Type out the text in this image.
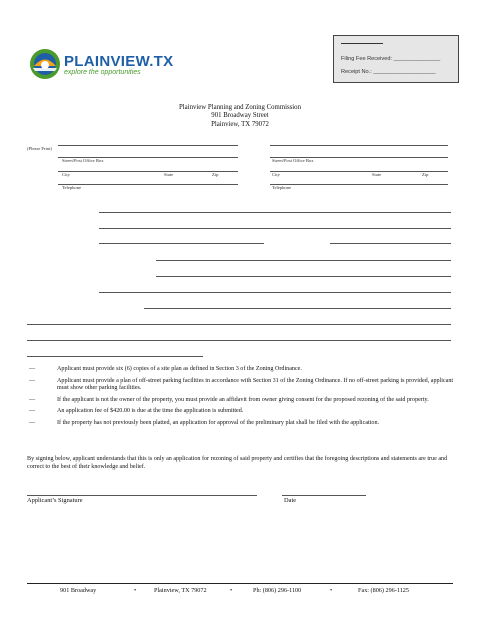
PLAINVIEW.TX
explore the opportunities
Filing Fee Received: _______________
Receipt No.: ____________________
Plainview Planning and Zoning Commission
901 Broadway Street
Plainview, TX 79072
(Please Print)
Street/Post Office Box	Street/Post Office Box
City	State	Zip	City	State	Zip
Telephone	Telephone
—	Applicant must provide six (6) copies of a site plan as defined in Section 3 of the Zoning Ordinance.
—	Applicant must provide a plan of off-street parking facilities in accordance with Section 31 of the Zoning Ordinance. If no off-street parking is provided, applicant must show other parking facilities.
—	If the applicant is not the owner of the property, you must provide an affidavit from owner giving consent for the proposed rezoning of the said property.
—	An application fee of $420.00 is due at the time the application is submitted.
—	If the property has not previously been platted, an application for approval of the preliminary plat shall be filed with the application.
By signing below, applicant understands that this is only an application for rezoning of said property and certifies that the foregoing descriptions and statements are true and correct to the best of their knowledge and belief.
Applicant’s Signature	Date
901 Broadway	•	Plainview, TX 79072	•	Ph: (806) 296-1100	•	Fax: (806) 296-1125
